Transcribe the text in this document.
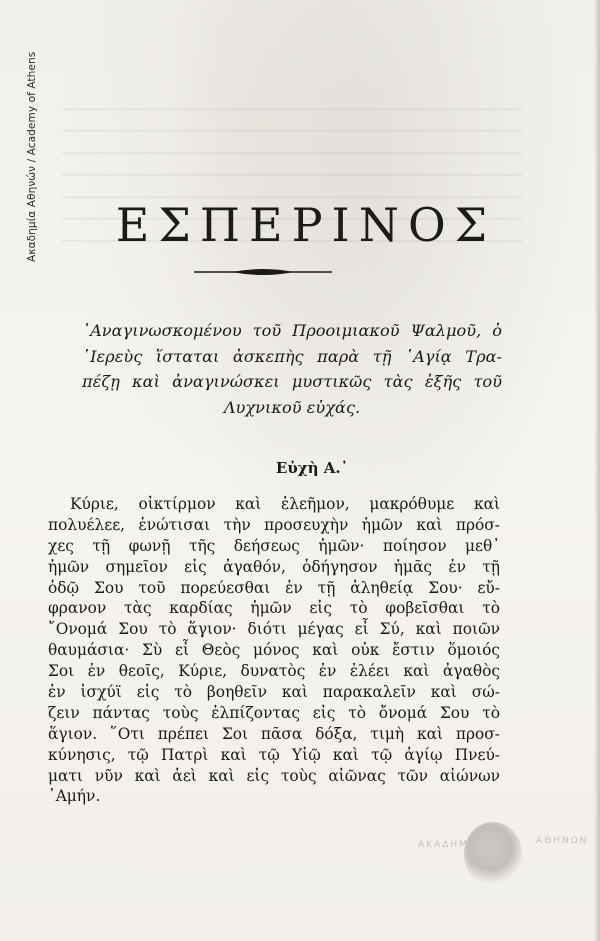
Ακαδημία Αθηνών / Academy of Athens	ΕΣΠΕΡΙΝΟΣ
᾿Αναγινωσκομένου τοῦ Προοιμιακοῦ Ψαλμοῦ, ὁ
῾Ιερεὺς ἵσταται ἀσκεπὴς παρὰ τῇ ῾Αγίᾳ Τρα-
πέζῃ καὶ ἀναγινώσκει μυστικῶς τὰς ἑξῆς τοῦ
Λυχνικοῦ εὐχάς.
Εὐχὴ Α.᾽
Κύριε, οἰκτίρμον καὶ ἐλεῆμον, μακρόθυμε καὶ
πολυέλεε, ἐνώτισαι τὴν προσευχὴν ἡμῶν καὶ πρόσ-
χες τῇ φωνῇ τῆς δεήσεως ἡμῶν· ποίησον μεθ᾽
ἡμῶν σημεῖον εἰς ἀγαθόν, ὁδήγησον ἡμᾶς ἐν τῇ
ὁδῷ Σου τοῦ πορεύεσθαι ἐν τῇ ἀληθείᾳ Σου· εὔ-
φρανον τὰς καρδίας ἡμῶν εἰς τὸ φοβεῖσθαι τὸ
῎Ονομά Σου τὸ ἅγιον· διότι μέγας εἶ Σύ, καὶ ποιῶν
θαυμάσια· Σὺ εἶ Θεὸς μόνος καὶ οὐκ ἔστιν ὅμοιός
Σοι ἐν θεοῖς, Κύριε, δυνατὸς ἐν ἐλέει καὶ ἀγαθὸς
ἐν ἰσχύϊ εἰς τὸ βοηθεῖν καὶ παρακαλεῖν καὶ σώ-
ζειν πάντας τοὺς ἐλπίζοντας εἰς τὸ ὄνομά Σου τὸ
ἅγιον. ῞Οτι πρέπει Σοι πᾶσα δόξα, τιμὴ καὶ προσ-
κύνησις, τῷ Πατρὶ καὶ τῷ Υἱῷ καὶ τῷ ἁγίῳ Πνεύ-
ματι νῦν καὶ ἀεὶ καὶ εἰς τοὺς αἰῶνας τῶν αἰώνων
᾽Αμήν.
ΑΚΑΔΗΜΙΑ	ΑΘΗΝΩΝ
